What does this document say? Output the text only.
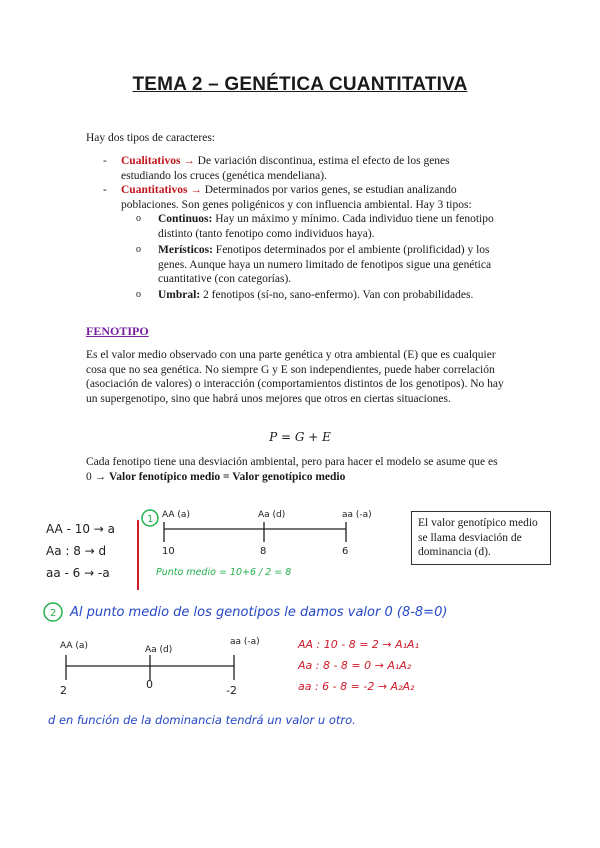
TEMA 2 – GENÉTICA CUANTITATIVA
Hay dos tipos de caracteres:
- Cualitativos → De variación discontinua, estima el efecto de los genes estudiando los cruces (genética mendeliana).
- Cuantitativos → Determinados por varios genes, se estudian analizando poblaciones. Son genes poligénicos y con influencia ambiental. Hay 3 tipos:
o Continuos: Hay un máximo y mínimo. Cada individuo tiene un fenotipo distinto (tanto fenotipo como individuos haya).
o Merísticos: Fenotipos determinados por el ambiente (prolificidad) y los genes. Aunque haya un numero limitado de fenotipos sigue una genética cuantitative (con categorías).
o Umbral: 2 fenotipos (sí-no, sano-enfermo). Van con probabilidades.
FENOTIPO
Es el valor medio observado con una parte genética y otra ambiental (E) que es cualquier cosa que no sea genética. No siempre G y E son independientes, puede haber correlación (asociación de valores) o interacción (comportamientos distintos de los genotipos). No hay un supergenotipo, sino que habrá unos mejores que otros en ciertas situaciones.
P = G + E
Cada fenotipo tiene una desviación ambiental, pero para hacer el modelo se asume que es 0 → Valor fenotípico medio = Valor genotípico medio
El valor genotípico medio se llama desviación de dominancia (d).
AA - 10 → a
Aa : 8 → d
aa - 6 → -a
1 AA (a)	Aa (d)	aa (-a)
10	8	6
Punto medio = 10+6 / 2 = 8
2 Al punto medio de los genotipos le damos valor 0 (8-8=0)
AA (a)	Aa (d)
aa (-a)
2	0	-2
AA : 10 - 8 = 2 → A₁A₁
Aa : 8 - 8 = 0 → A₁A₂
aa : 6 - 8 = -2 → A₂A₂
d en función de la dominancia tendrá un valor u otro.
